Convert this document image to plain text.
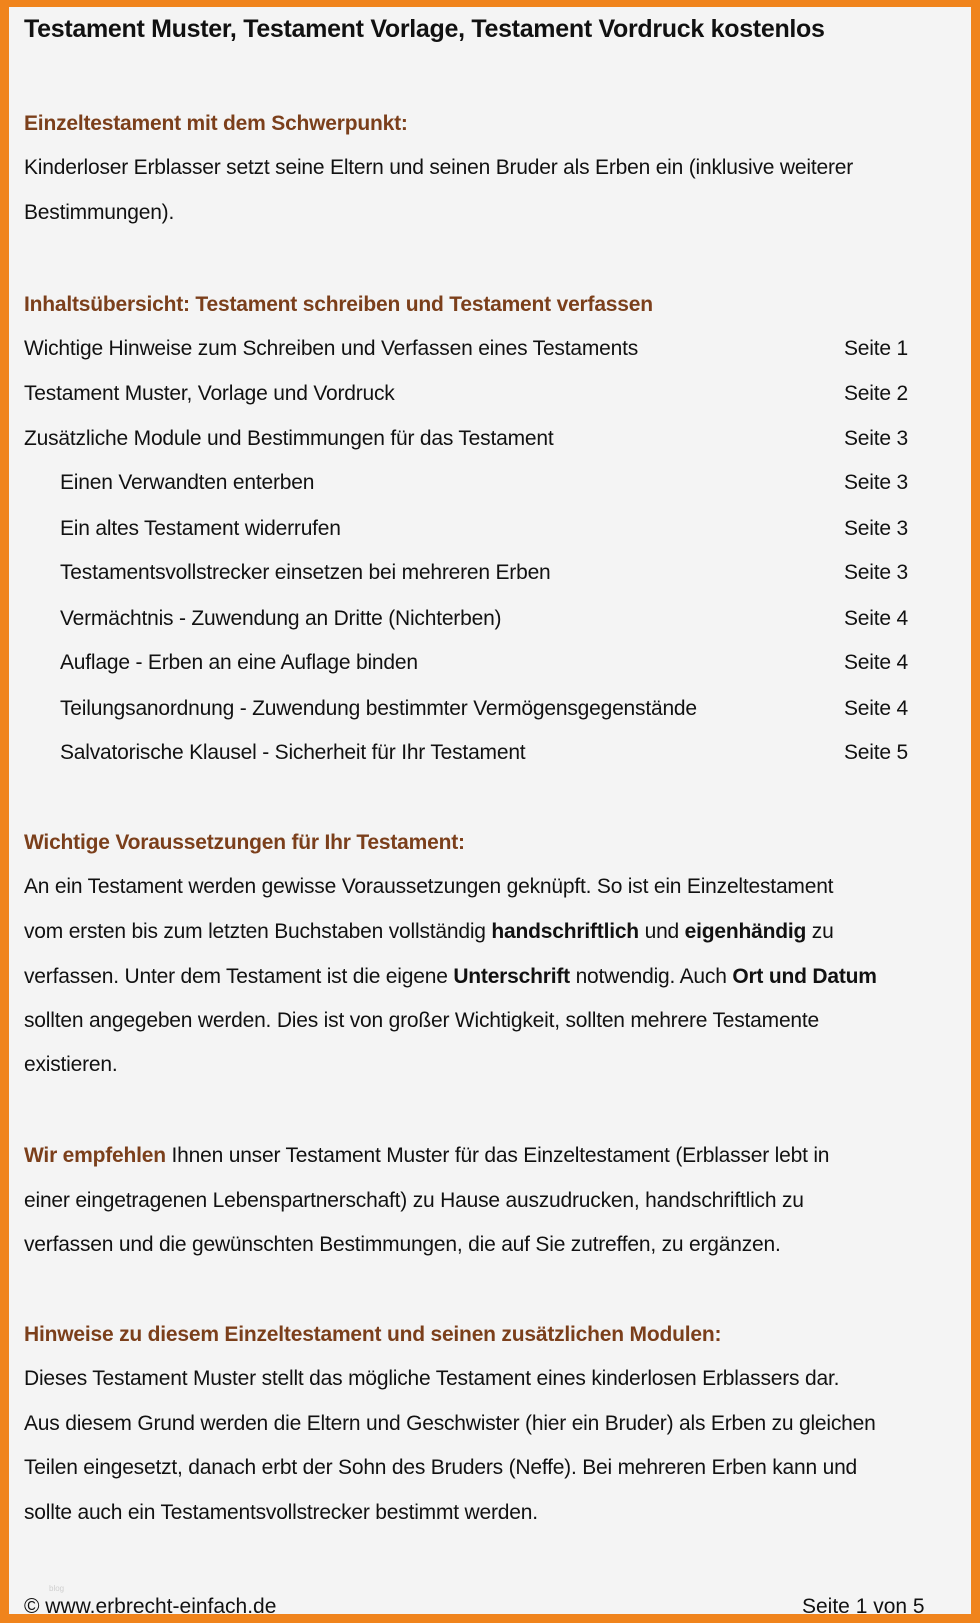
Testament Muster, Testament Vorlage, Testament Vordruck kostenlos
Einzeltestament mit dem Schwerpunkt:
Kinderloser Erblasser setzt seine Eltern und seinen Bruder als Erben ein (inklusive weiterer
Bestimmungen).
Inhaltsübersicht: Testament schreiben und Testament verfassen
Wichtige Hinweise zum Schreiben und Verfassen eines Testaments	Seite 1
Testament Muster, Vorlage und Vordruck	Seite 2
Zusätzliche Module und Bestimmungen für das Testament	Seite 3
Einen Verwandten enterben	Seite 3
Ein altes Testament widerrufen	Seite 3
Testamentsvollstrecker einsetzen bei mehreren Erben	Seite 3
Vermächtnis - Zuwendung an Dritte (Nichterben)	Seite 4
Auflage - Erben an eine Auflage binden	Seite 4
Teilungsanordnung - Zuwendung bestimmter Vermögensgegenstände	Seite 4
Salvatorische Klausel - Sicherheit für Ihr Testament	Seite 5
Wichtige Voraussetzungen für Ihr Testament:
An ein Testament werden gewisse Voraussetzungen geknüpft. So ist ein Einzeltestament
vom ersten bis zum letzten Buchstaben vollständig handschriftlich und eigenhändig zu
verfassen. Unter dem Testament ist die eigene Unterschrift notwendig. Auch Ort und Datum
sollten angegeben werden. Dies ist von großer Wichtigkeit, sollten mehrere Testamente
existieren.
Wir empfehlen Ihnen unser Testament Muster für das Einzeltestament (Erblasser lebt in
einer eingetragenen Lebenspartnerschaft) zu Hause auszudrucken, handschriftlich zu
verfassen und die gewünschten Bestimmungen, die auf Sie zutreffen, zu ergänzen.
Hinweise zu diesem Einzeltestament und seinen zusätzlichen Modulen:
Dieses Testament Muster stellt das mögliche Testament eines kinderlosen Erblassers dar.
Aus diesem Grund werden die Eltern und Geschwister (hier ein Bruder) als Erben zu gleichen
Teilen eingesetzt, danach erbt der Sohn des Bruders (Neffe). Bei mehreren Erben kann und
sollte auch ein Testamentsvollstrecker bestimmt werden.
blog
© www.erbrecht-einfach.de	Seite 1 von 5
